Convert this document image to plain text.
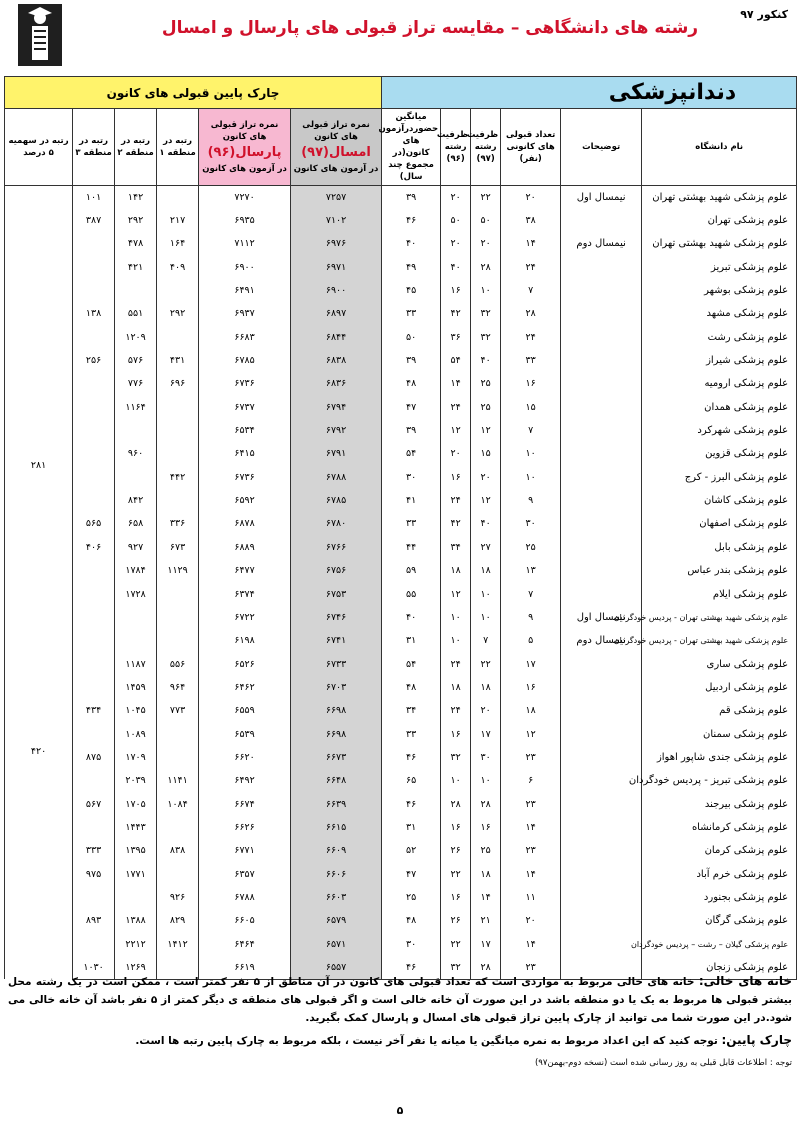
کنکور ۹۷
رشته های دانشگاهی – مقایسه تراز قبولی های پارسال و امسال
دندانپزشکی						چارک پایین قبولی های کانون					
نام دانشگاه	توضیحات	تعداد قبولی های کانونی (نفر)	ظرفیت رشته (۹۷)	ظرفیت رشته (۹۶)	میانگین حضوردرآزمون های کانون(در مجموع چند سال)	نمره تراز قبولی های کانون
امسال(۹۷)
در آزمون های کانون	نمره تراز قبولی های کانون
پارسال(۹۶)
در آزمون های کانون	رتبه در منطقه ۱	رتبه در منطقه ۲	رتبه در منطقه ۳	رتبه در سهمیه ۵ درصد
علوم پزشکی شهید بهشتی تهران	نیمسال اول	۲۰	۲۲	۲۰	۳۹	۷۲۵۷	۷۲۷۰		۱۴۲	۱۰۱	۲۸۱
علوم پزشکی تهران		۳۸	۵۰	۵۰	۴۶	۷۱۰۲	۶۹۳۵	۲۱۷	۲۹۲	۳۸۷	
علوم پزشکی شهید بهشتی تهران	نیمسال دوم	۱۴	۲۰	۲۰	۴۰	۶۹۷۶	۷۱۱۲	۱۶۴	۴۷۸		
علوم پزشکی تبریز		۲۴	۲۸	۴۰	۴۹	۶۹۷۱	۶۹۰۰	۴۰۹	۴۲۱		
علوم پزشکی بوشهر		۷	۱۰	۱۶	۴۵	۶۹۰۰	۶۴۹۱				
علوم پزشکی مشهد		۲۸	۳۲	۴۲	۳۳	۶۸۹۷	۶۹۳۷	۲۹۲	۵۵۱	۱۳۸	
علوم پزشکی رشت		۲۴	۳۲	۳۶	۵۰	۶۸۴۴	۶۶۸۳		۱۲۰۹		
علوم پزشکی شیراز		۳۳	۴۰	۵۴	۳۹	۶۸۳۸	۶۷۸۵	۴۳۱	۵۷۶	۲۵۶	
علوم پزشکی ارومیه		۱۶	۲۵	۱۴	۴۸	۶۸۳۶	۶۷۳۶	۶۹۶	۷۷۶		
علوم پزشکی همدان		۱۵	۲۵	۲۴	۴۷	۶۷۹۴	۶۷۳۷		۱۱۶۴		
علوم پزشکی شهرکرد		۷	۱۲	۱۲	۳۹	۶۷۹۲	۶۵۳۴				
علوم پزشکی قزوین		۱۰	۱۵	۲۰	۵۴	۶۷۹۱	۶۴۱۵		۹۶۰		
علوم پزشکی البرز - کرج		۱۰	۲۰	۱۶	۳۰	۶۷۸۸	۶۷۳۶	۴۴۲			
علوم پزشکی کاشان		۹	۱۲	۲۴	۴۱	۶۷۸۵	۶۵۹۲		۸۴۲		
علوم پزشکی اصفهان		۳۰	۴۰	۴۲	۳۳	۶۷۸۰	۶۸۷۸	۳۳۶	۶۵۸	۵۶۵	
علوم پزشکی بابل		۲۵	۲۷	۳۴	۴۴	۶۷۶۶	۶۸۸۹	۶۷۳	۹۲۷	۴۰۶	
علوم پزشکی بندر عباس		۱۳	۱۸	۱۸	۵۹	۶۷۵۶	۶۴۷۷	۱۱۲۹	۱۷۸۴		
علوم پزشکی ایلام		۷	۱۰	۱۲	۵۵	۶۷۵۳	۶۳۷۴		۱۷۲۸		
علوم پزشکی شهید بهشتی تهران - پردیس خودگردان	نیمسال اول	۹	۱۰	۱۰	۴۰	۶۷۴۶	۶۷۲۲				
علوم پزشکی شهید بهشتی تهران - پردیس خودگردان	نیمسال دوم	۵	۷	۱۰	۳۱	۶۷۴۱	۶۱۹۸				
علوم پزشکی ساری		۱۷	۲۲	۲۴	۵۴	۶۷۳۳	۶۵۲۶	۵۵۶	۱۱۸۷		
علوم پزشکی اردبیل		۱۶	۱۸	۱۸	۴۸	۶۷۰۳	۶۴۶۲	۹۶۴	۱۴۵۹		
علوم پزشکی قم		۱۸	۲۰	۲۴	۳۴	۶۶۹۸	۶۵۵۹	۷۷۳	۱۰۴۵	۴۳۴	
علوم پزشکی سمنان		۱۲	۱۷	۱۶	۳۳	۶۶۹۸	۶۵۳۹		۱۰۸۹		
علوم پزشکی جندی شاپور اهواز		۲۳	۳۰	۳۲	۴۶	۶۶۷۳	۶۶۲۰		۱۷۰۹	۸۷۵	۴۲۰
علوم پزشکی تبریز - پردیس خودگردان		۶	۱۰	۱۰	۶۵	۶۶۴۸	۶۴۹۲	۱۱۴۱	۲۰۳۹		
علوم پزشکی بیرجند		۲۳	۲۸	۲۸	۴۶	۶۶۳۹	۶۶۷۴	۱۰۸۴	۱۷۰۵	۵۶۷	
علوم پزشکی کرمانشاه		۱۴	۱۶	۱۶	۳۱	۶۶۱۵	۶۶۲۶		۱۴۴۳		
علوم پزشکی کرمان		۲۳	۲۵	۲۶	۵۲	۶۶۰۹	۶۷۷۱	۸۳۸	۱۳۹۵	۳۳۳	
علوم پزشکی خرم آباد		۱۴	۱۸	۲۲	۴۷	۶۶۰۶	۶۳۵۷		۱۷۷۱	۹۷۵	
علوم پزشکی بجنورد		۱۱	۱۴	۱۶	۲۵	۶۶۰۳	۶۷۸۸	۹۲۶			
علوم پزشکی گرگان		۲۰	۲۱	۲۶	۴۸	۶۵۷۹	۶۶۰۵	۸۲۹	۱۳۸۸	۸۹۳	
علوم پزشکی گیلان – رشت – پردیس خودگردان		۱۴	۱۷	۲۲	۳۰	۶۵۷۱	۶۴۶۴	۱۴۱۲	۲۲۱۲		
علوم پزشکی زنجان		۲۳	۲۸	۳۲	۴۶	۶۵۵۷	۶۶۱۹		۱۲۶۹	۱۰۳۰	
خانه های خالی: خانه های خالی مربوط به مواردی است که تعداد قبولی های کانون در آن مناطق از ۵ نفر کمتر است ، ممکن است در یک رشته محل بیشتر قبولی ها مربوط به یک یا دو منطقه باشد در این صورت آن خانه خالی است و اگر قبولی های منطقه ی دیگر کمتر از ۵ نفر باشد آن خانه خالی می شود.در این صورت شما می توانید از چارک پایین تراز قبولی های امسال و پارسال کمک بگیرید.
چارک پایین: توجه کنید که این اعداد مربوط به نمره میانگین یا میانه یا نفر آخر نیست ، بلکه مربوط به چارک پایین رتبه ها است.
توجه : اطلاعات قابل قبلی به روز رسانی شده است (نسخه دوم-بهمن۹۷)
۵
